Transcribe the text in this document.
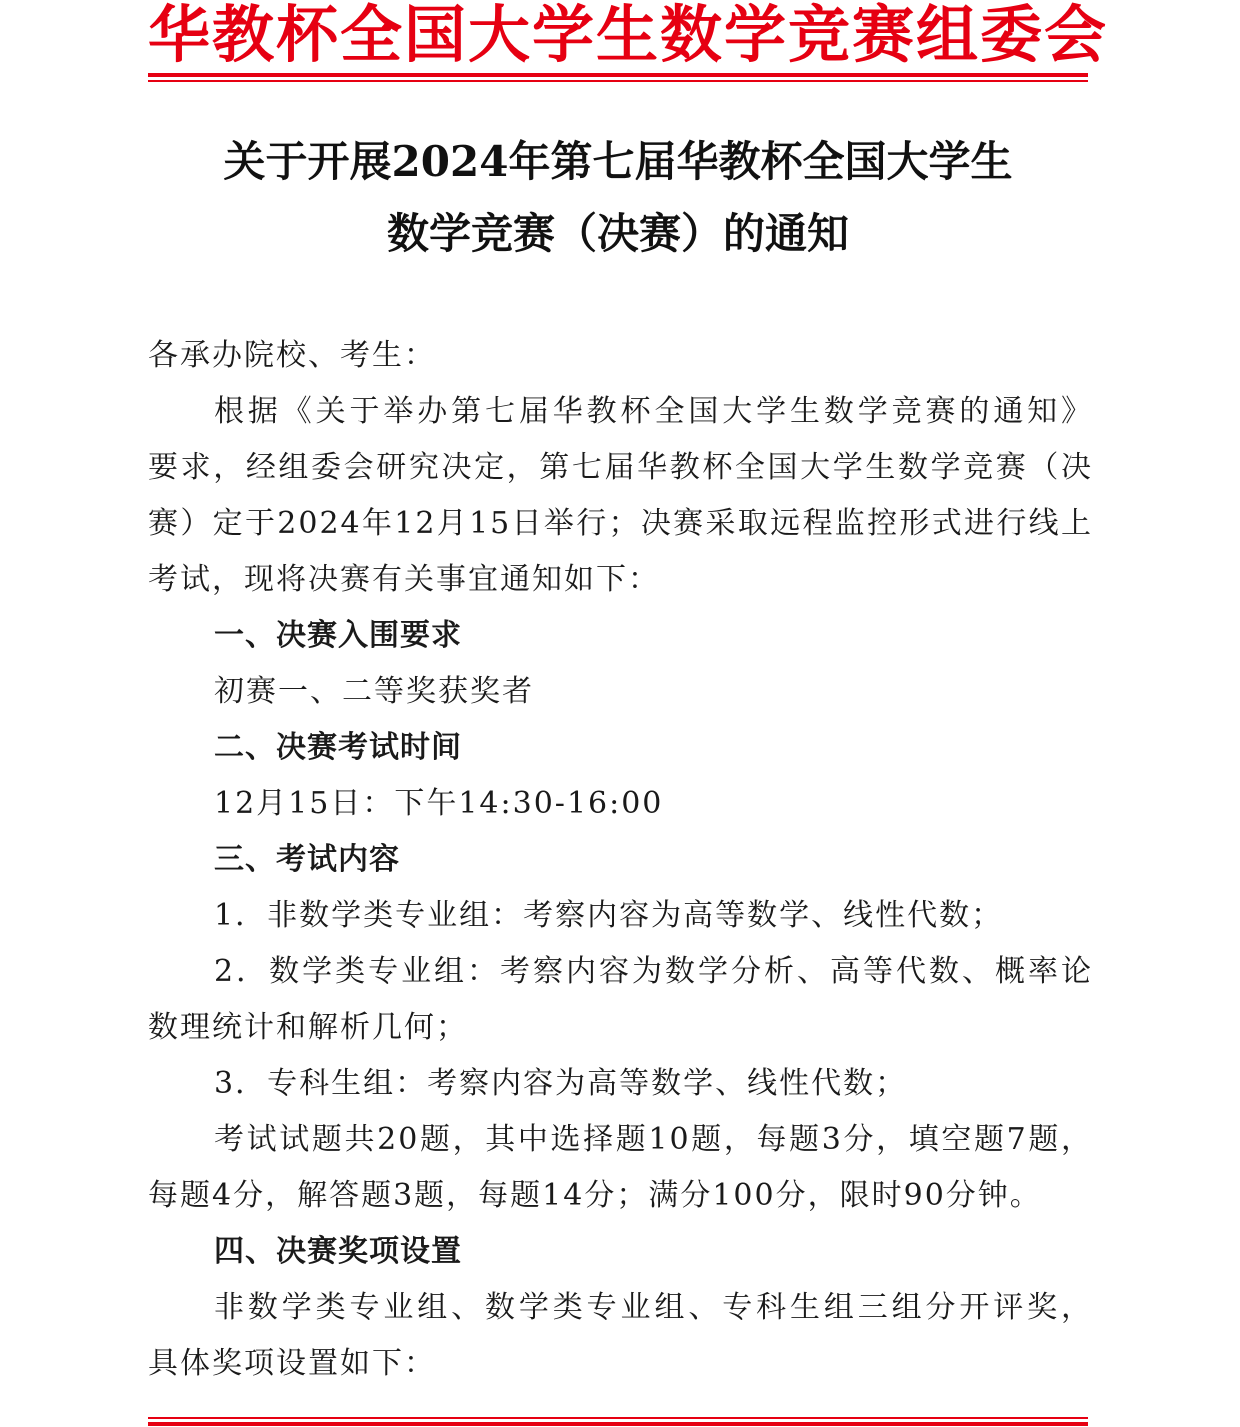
华教杯全国大学生数学竞赛组委会
关于开展2024年第七届华教杯全国大学生
数学竞赛（决赛）的通知
各承办院校、考生：
根据《关于举办第七届华教杯全国大学生数学竞赛的通知》
要求，经组委会研究决定，第七届华教杯全国大学生数学竞赛（决
赛）定于2024年12月15日举行；决赛采取远程监控形式进行线上
考试，现将决赛有关事宜通知如下：
一、决赛入围要求
初赛一、二等奖获奖者
二、决赛考试时间
12月15日：下午14:30-16:00
三、考试内容
1．非数学类专业组：考察内容为高等数学、线性代数；
2．数学类专业组：考察内容为数学分析、高等代数、概率论
数理统计和解析几何；
3．专科生组：考察内容为高等数学、线性代数；
考试试题共20题，其中选择题10题，每题3分，填空题7题，
每题4分，解答题3题，每题14分；满分100分，限时90分钟。
四、决赛奖项设置
非数学类专业组、数学类专业组、专科生组三组分开评奖，
具体奖项设置如下：
